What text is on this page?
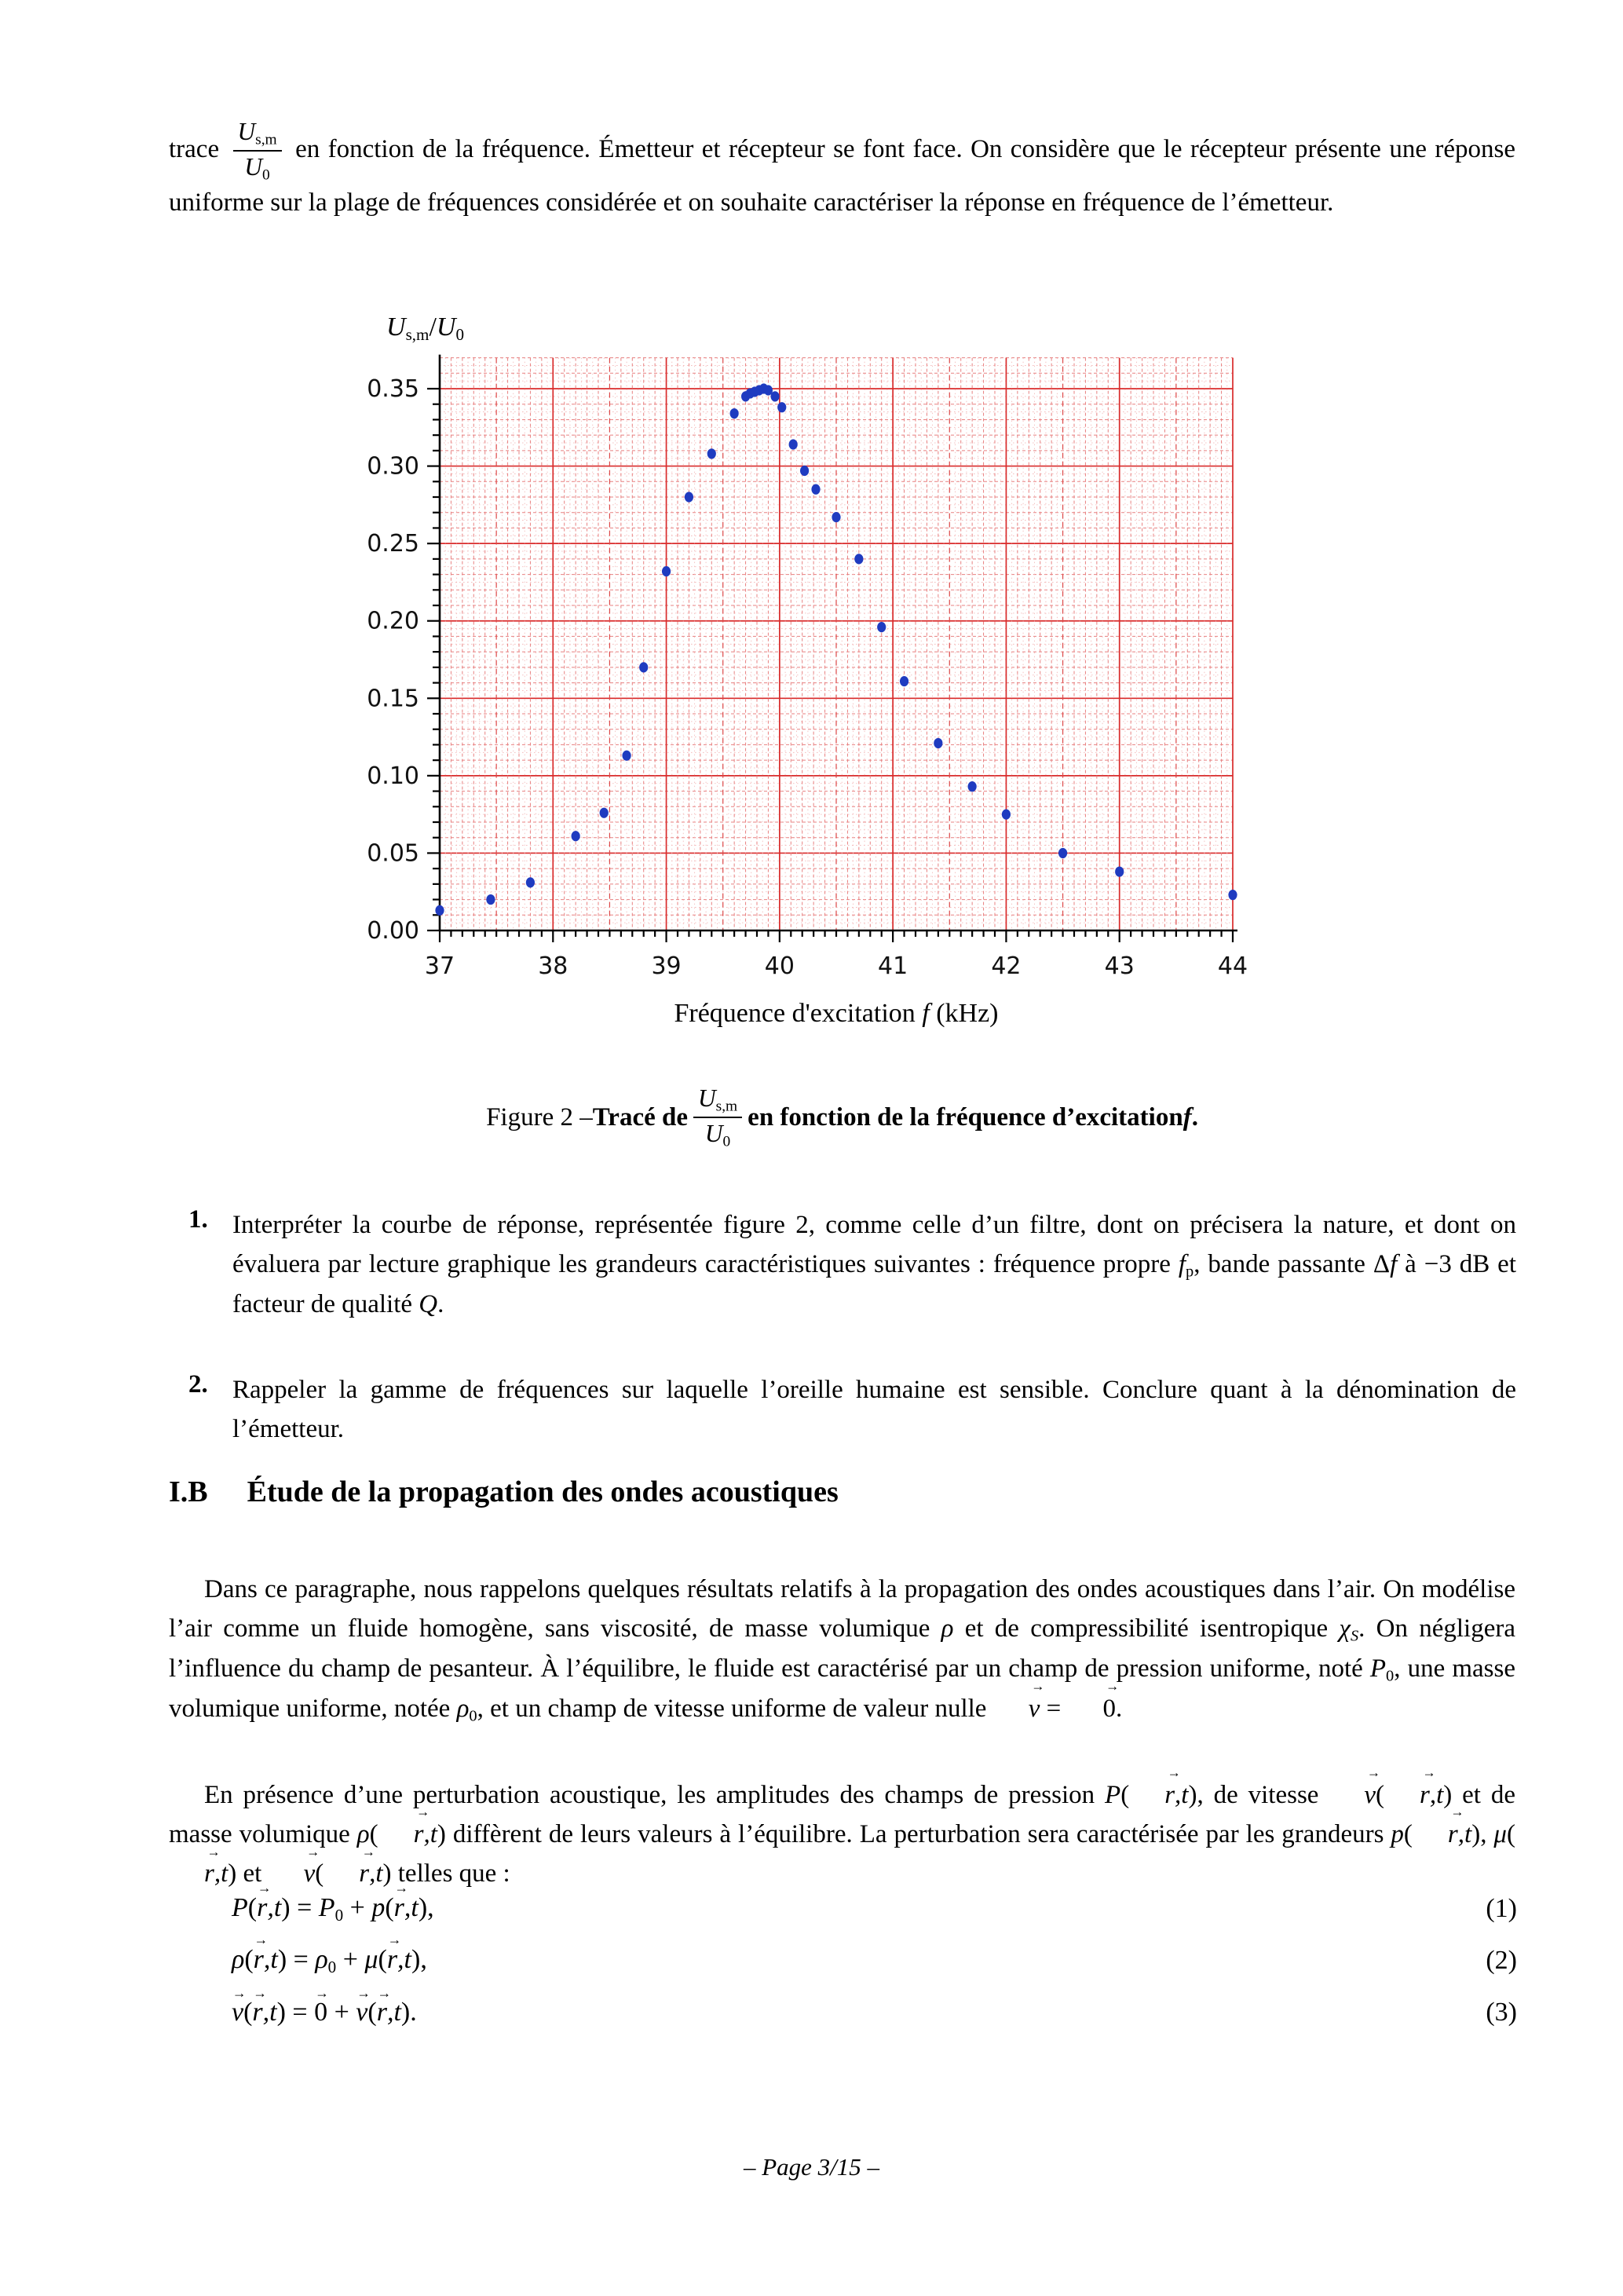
trace $\frac{Us,m}{U0}$ en fonction de la fréquence. Émetteur et récepteur se font face. On considère que le récepteur présente une réponse uniforme sur la plage de fréquences considérée et on souhaite caractériser la réponse en fréquence de l’émetteur.

Us,m/U0
0.00
0.05
0.10
0.15
0.20
0.25
0.30
0.35
37	38	39	40	41	42	43	44
Fréquence d'excitation f (kHz)
Figure 2 – Tracé de $\frac{Us,m}{U0}$ en fonction de la fréquence d’excitation f .
1. Interpréter la courbe de réponse, représentée figure 2, comme celle d’un filtre, dont on précisera la nature, et dont on évaluera par lecture graphique les grandeurs caractéristiques suivantes : fréquence propre fp, bande passante Δf à −3 dB et facteur de qualité Q.
2. Rappeler la gamme de fréquences sur laquelle l’oreille humaine est sensible. Conclure quant à la dénomination de l’émetteur.
I.B Étude de la propagation des ondes acoustiques

Dans ce paragraphe, nous rappelons quelques résultats relatifs à la propagation des ondes acoustiques dans l’air. On modélise l’air comme un fluide homogène, sans viscosité, de masse volumique ρ et de compressibilité isentropique χS. On négligera l’influence du champ de pesanteur. À l’équilibre, le fluide est caractérisé par un champ de pression uniforme, noté P0, une masse volumique uniforme, notée ρ0, et un champ de vitesse uniforme de valeur nulle v → = 0 →.

En présence d’une perturbation acoustique, les amplitudes des champs de pression P( r →,t), de vitesse v →( r →,t) et de masse volumique ρ( r →,t) diffèrent de leurs valeurs à l’équilibre. La perturbation sera caractérisée par les grandeurs p( r →,t), μ(r →,t) et v →( r →,t) telles que :

P(r →,t) = P0 + p(r →,t),	(1)
ρ(r →,t) = ρ0 + μ(r →,t),	(2)
v →(r →,t) = 0 → + v →(r →,t).	(3)
– Page 3/15 –
